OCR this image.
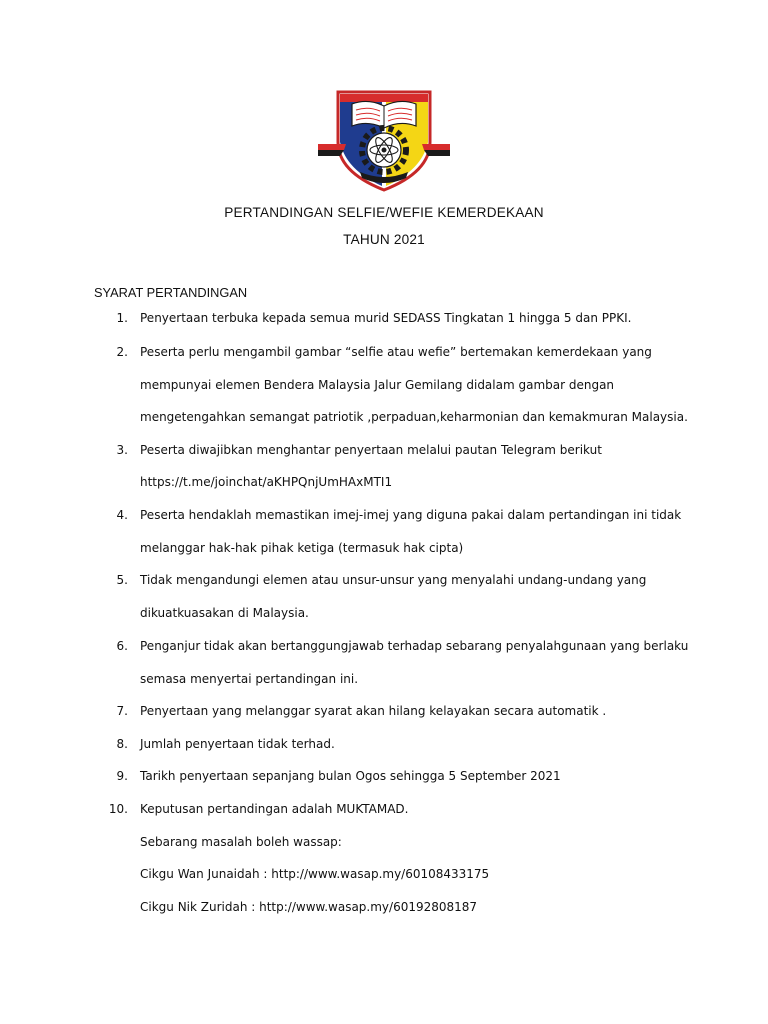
PERTANDINGAN SELFIE/WEFIE KEMERDEKAAN
TAHUN 2021
SYARAT PERTANDINGAN
1. Penyertaan terbuka kepada semua murid SEDASS Tingkatan 1 hingga 5 dan PPKI.
2. Peserta perlu mengambil gambar “selfie atau wefie” bertemakan kemerdekaan yang
mempunyai elemen Bendera Malaysia Jalur Gemilang didalam gambar dengan
mengetengahkan semangat patriotik ,perpaduan,keharmonian dan kemakmuran Malaysia.
3. Peserta diwajibkan menghantar penyertaan melalui pautan Telegram berikut
https://t.me/joinchat/aKHPQnjUmHAxMTI1
4. Peserta hendaklah memastikan imej-imej yang diguna pakai dalam pertandingan ini tidak
melanggar hak-hak pihak ketiga (termasuk hak cipta)
5. Tidak mengandungi elemen atau unsur-unsur yang menyalahi undang-undang yang
dikuatkuasakan di Malaysia.
6. Penganjur tidak akan bertanggungjawab terhadap sebarang penyalahgunaan yang berlaku
semasa menyertai pertandingan ini.
7. Penyertaan yang melanggar syarat akan hilang kelayakan secara automatik .
8. Jumlah penyertaan tidak terhad.
9. Tarikh penyertaan sepanjang bulan Ogos sehingga 5 September 2021
10. Keputusan pertandingan adalah MUKTAMAD.
Sebarang masalah boleh wassap:
Cikgu Wan Junaidah : http://www.wasap.my/60108433175
Cikgu Nik Zuridah : http://www.wasap.my/60192808187
